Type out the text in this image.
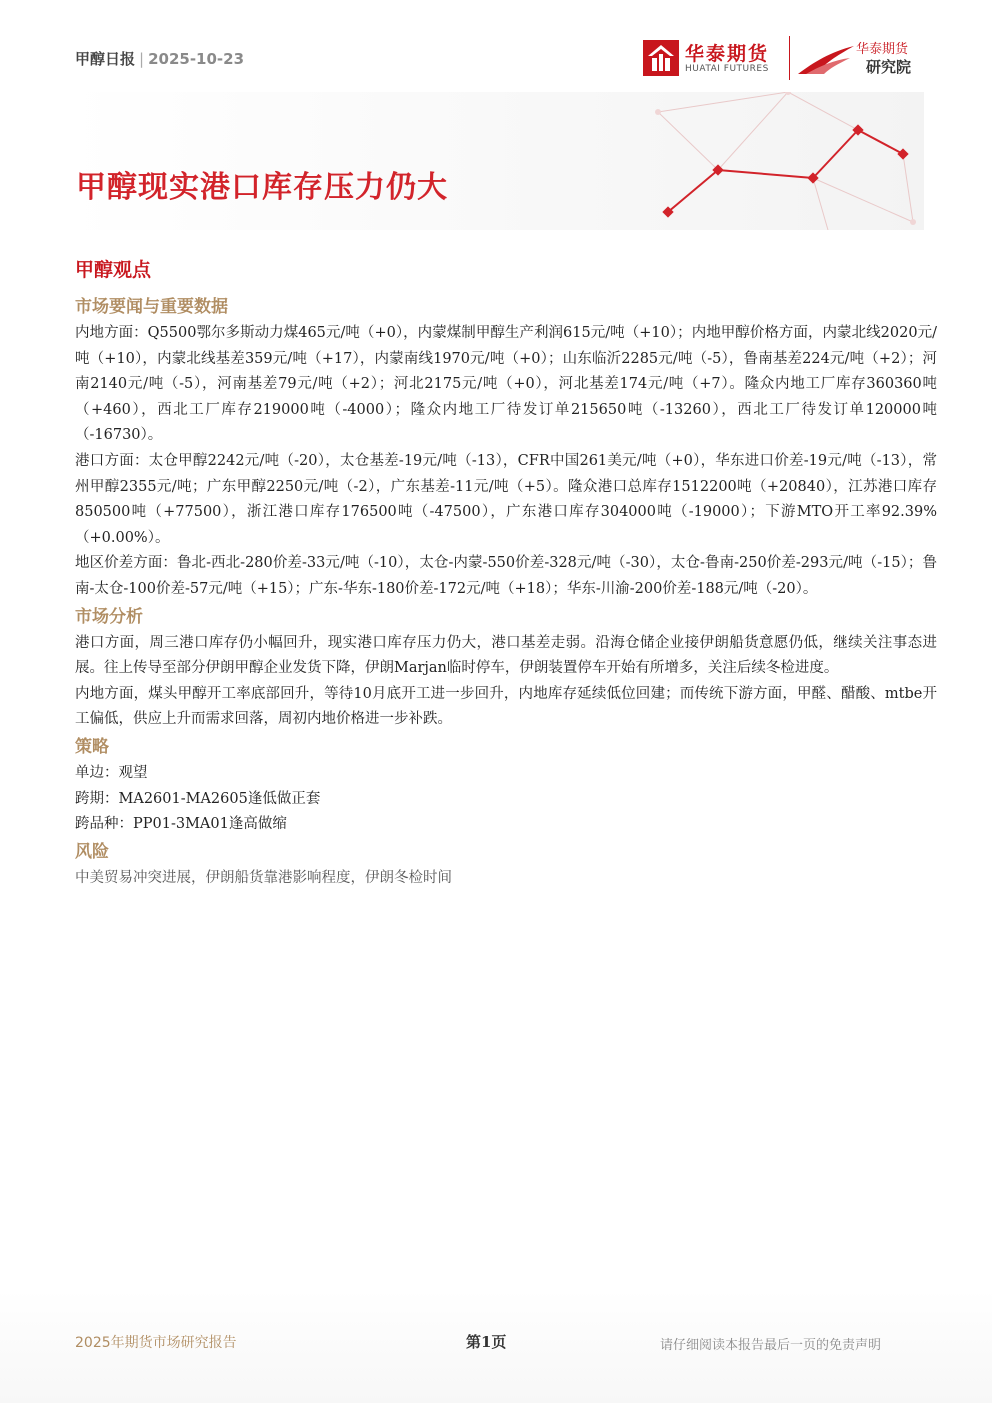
甲醇日报 | 2025-10-23	华泰期货
HUATAI FUTURES
华泰期货
研究院
甲醇现实港口库存压力仍大
甲醇观点
市场要闻与重要数据

内地方面：Q5500鄂尔多斯动力煤465元/吨（+0），内蒙煤制甲醇生产利润615元/吨（+10）；内地甲醇价格方面，内蒙北线2020元/吨（+10），内蒙北线基差359元/吨（+17），内蒙南线1970元/吨（+0）；山东临沂2285元/吨（-5），鲁南基差224元/吨（+2）；河南2140元/吨（-5），河南基差79元/吨（+2）；河北2175元/吨（+0），河北基差174元/吨（+7）。隆众内地工厂库存360360吨（+460），西北工厂库存219000吨（-4000）；隆众内地工厂待发订单215650吨（-13260），西北工厂待发订单120000吨（-16730）。

港口方面：太仓甲醇2242元/吨（-20），太仓基差-19元/吨（-13），CFR中国261美元/吨（+0），华东进口价差-19元/吨（-13），常州甲醇2355元/吨；广东甲醇2250元/吨（-2），广东基差-11元/吨（+5）。隆众港口总库存1512200吨（+20840），江苏港口库存850500吨（+77500），浙江港口库存176500吨（-47500），广东港口库存304000吨（-19000）；下游MTO开工率92.39%（+0.00%）。

地区价差方面：鲁北-西北-280价差-33元/吨（-10），太仓-内蒙-550价差-328元/吨（-30），太仓-鲁南-250价差-293元/吨（-15）；鲁南-太仓-100价差-57元/吨（+15）；广东-华东-180价差-172元/吨（+18）；华东-川渝-200价差-188元/吨（-20）。

市场分析

港口方面，周三港口库存仍小幅回升，现实港口库存压力仍大，港口基差走弱。沿海仓储企业接伊朗船货意愿仍低，继续关注事态进展。往上传导至部分伊朗甲醇企业发货下降，伊朗Marjan临时停车，伊朗装置停车开始有所增多，关注后续冬检进度。

内地方面，煤头甲醇开工率底部回升，等待10月底开工进一步回升，内地库存延续低位回建；而传统下游方面，甲醛、醋酸、mtbe开工偏低，供应上升而需求回落，周初内地价格进一步补跌。

策略

单边：观望

跨期：MA2601-MA2605逢低做正套

跨品种：PP01-3MA01逢高做缩

风险

中美贸易冲突进展，伊朗船货靠港影响程度，伊朗冬检时间

2025年期货市场研究报告	第1页	请仔细阅读本报告最后一页的免责声明
